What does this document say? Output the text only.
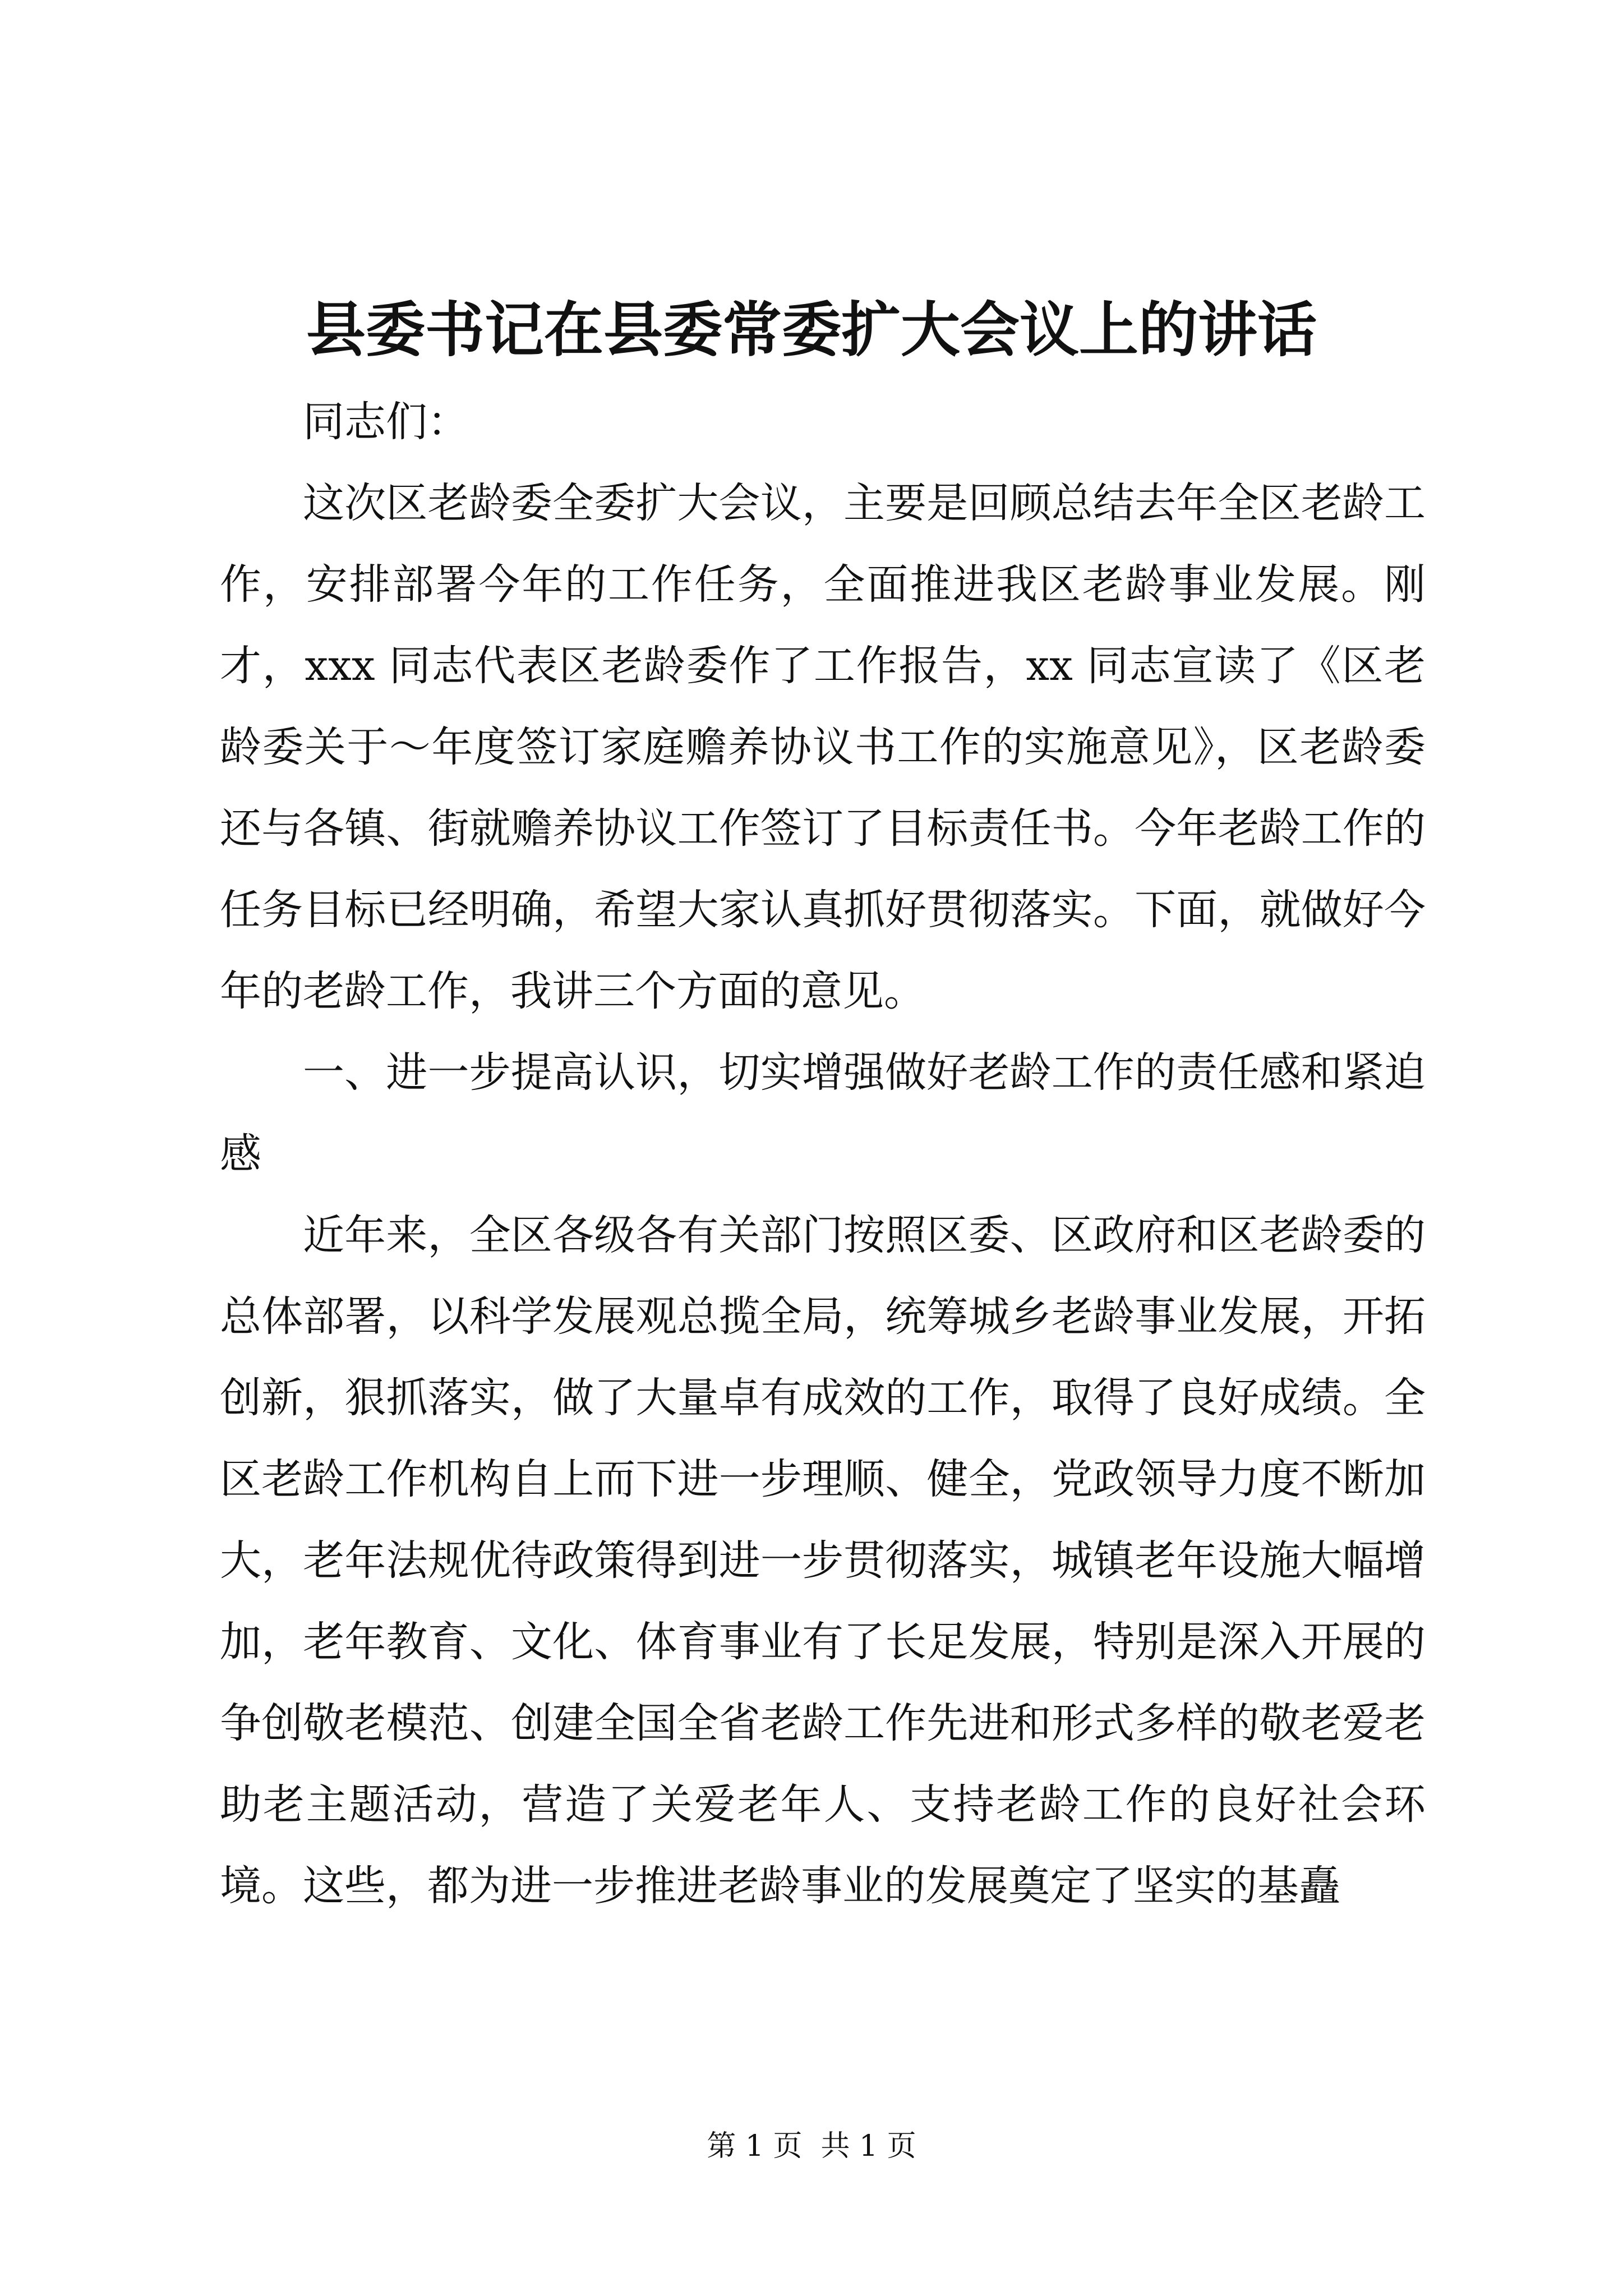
县委书记在县委常委扩大会议上的讲话

同志们：

这次区老龄委全委扩大会议，主要是回顾总结去年全区老龄工作，安排部署今年的工作任务，全面推进我区老龄事业发展。刚才，xxx 同志代表区老龄委作了工作报告，xx 同志宣读了《区老龄委关于～年度签订家庭赡养协议书工作的实施意见》，区老龄委还与各镇、街就赡养协议工作签订了目标责任书。今年老龄工作的任务目标已经明确，希望大家认真抓好贯彻落实。下面，就做好今年的老龄工作，我讲三个方面的意见。

一、进一步提高认识，切实增强做好老龄工作的责任感和紧迫感

近年来，全区各级各有关部门按照区委、区政府和区老龄委的总体部署，以科学发展观总揽全局，统筹城乡老龄事业发展，开拓创新，狠抓落实，做了大量卓有成效的工作，取得了良好成绩。全区老龄工作机构自上而下进一步理顺、健全，党政领导力度不断加大，老年法规优待政策得到进一步贯彻落实，城镇老年设施大幅增加，老年教育、文化、体育事业有了长足发展，特别是深入开展的争创敬老模范、创建全国全省老龄工作先进和形式多样的敬老爱老助老主题活动，营造了关爱老年人、支持老龄工作的良好社会环境。这些，都为进一步推进老龄事业的发展奠定了坚实的基矗

第 1 页  共 1 页
